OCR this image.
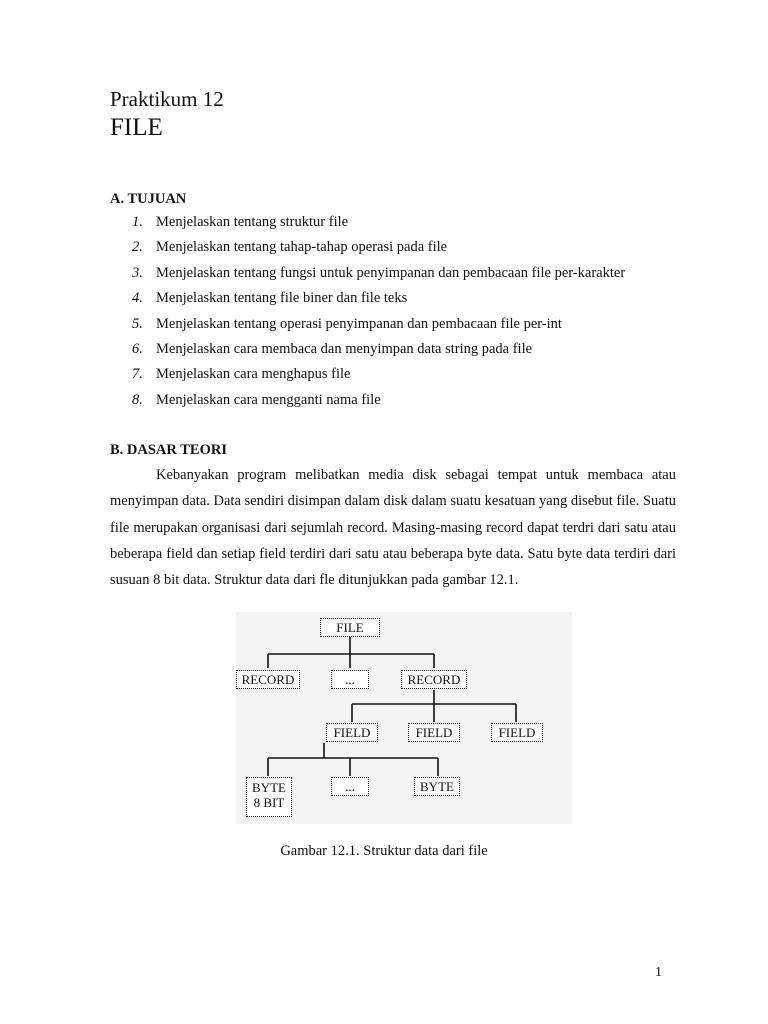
Praktikum 12
FILE
A. TUJUAN
1. Menjelaskan tentang struktur file
2. Menjelaskan tentang tahap-tahap operasi pada file
3. Menjelaskan tentang fungsi untuk penyimpanan dan pembacaan file per-karakter
4. Menjelaskan tentang file biner dan file teks
5. Menjelaskan tentang operasi penyimpanan dan pembacaan file per-int
6. Menjelaskan cara membaca dan menyimpan data string pada file
7. Menjelaskan cara menghapus file
8. Menjelaskan cara mengganti nama file
B. DASAR TEORI

Kebanyakan program melibatkan media disk sebagai tempat untuk membaca atau menyimpan data. Data sendiri disimpan dalam disk dalam suatu kesatuan yang disebut file. Suatu file merupakan organisasi dari sejumlah record. Masing-masing record dapat terdri dari satu atau beberapa field dan setiap field terdiri dari satu atau beberapa byte data. Satu byte data terdiri dari susuan 8 bit data. Struktur data dari fle ditunjukkan pada gambar 12.1.

FILE
RECORD	...	RECORD
FIELD	FIELD	FIELD
BYTE
8 BIT
...	BYTE

Gambar 12.1. Struktur data dari file

1
